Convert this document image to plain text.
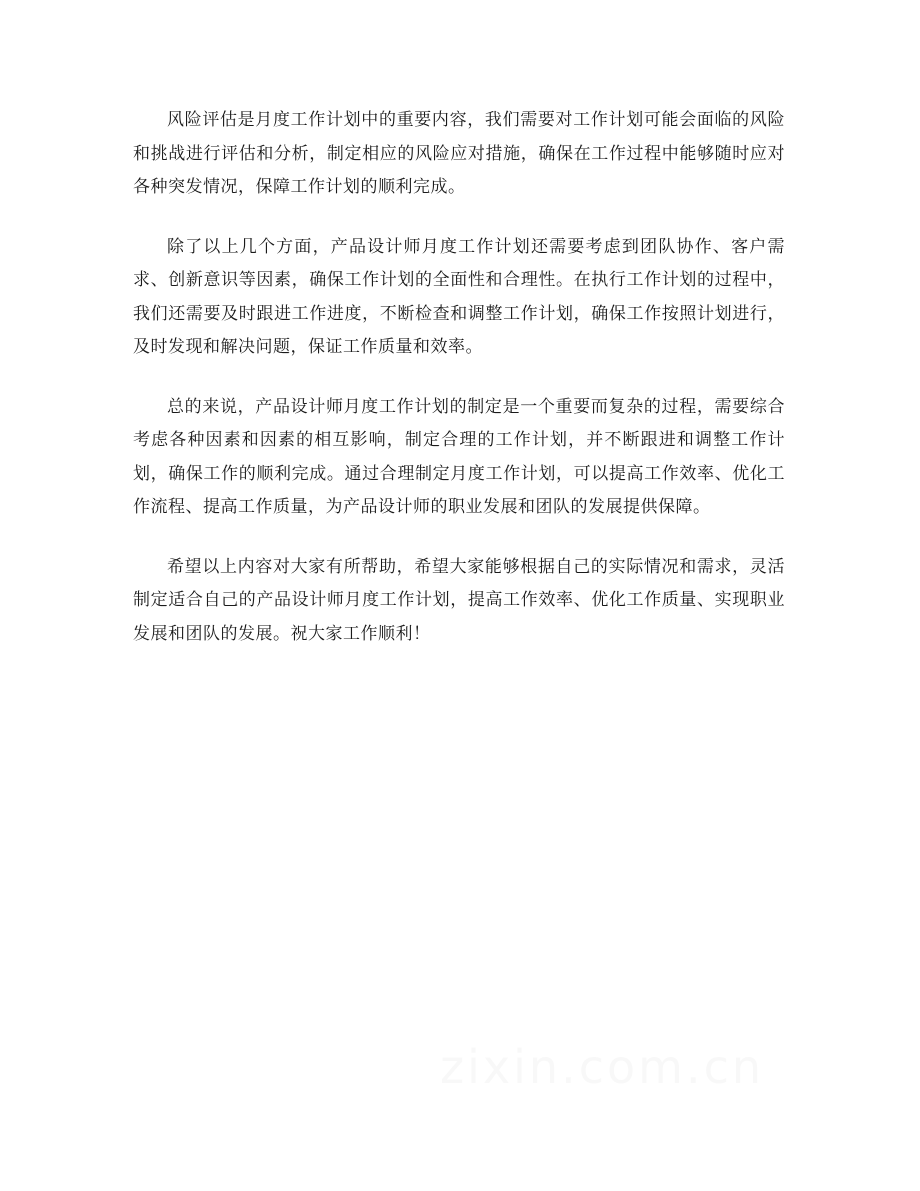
风险评估是月度工作计划中的重要内容，我们需要对工作计划可能会面临的风险和挑战进行评估和分析，制定相应的风险应对措施，确保在工作过程中能够随时应对各种突发情况，保障工作计划的顺利完成。

除了以上几个方面，产品设计师月度工作计划还需要考虑到团队协作、客户需求、创新意识等因素，确保工作计划的全面性和合理性。在执行工作计划的过程中，我们还需要及时跟进工作进度，不断检查和调整工作计划，确保工作按照计划进行，及时发现和解决问题，保证工作质量和效率。

总的来说，产品设计师月度工作计划的制定是一个重要而复杂的过程，需要综合考虑各种因素和因素的相互影响，制定合理的工作计划，并不断跟进和调整工作计划，确保工作的顺利完成。通过合理制定月度工作计划，可以提高工作效率、优化工作流程、提高工作质量，为产品设计师的职业发展和团队的发展提供保障。

希望以上内容对大家有所帮助，希望大家能够根据自己的实际情况和需求，灵活制定适合自己的产品设计师月度工作计划，提高工作效率、优化工作质量、实现职业发展和团队的发展。祝大家工作顺利！

zixin.com.cn
